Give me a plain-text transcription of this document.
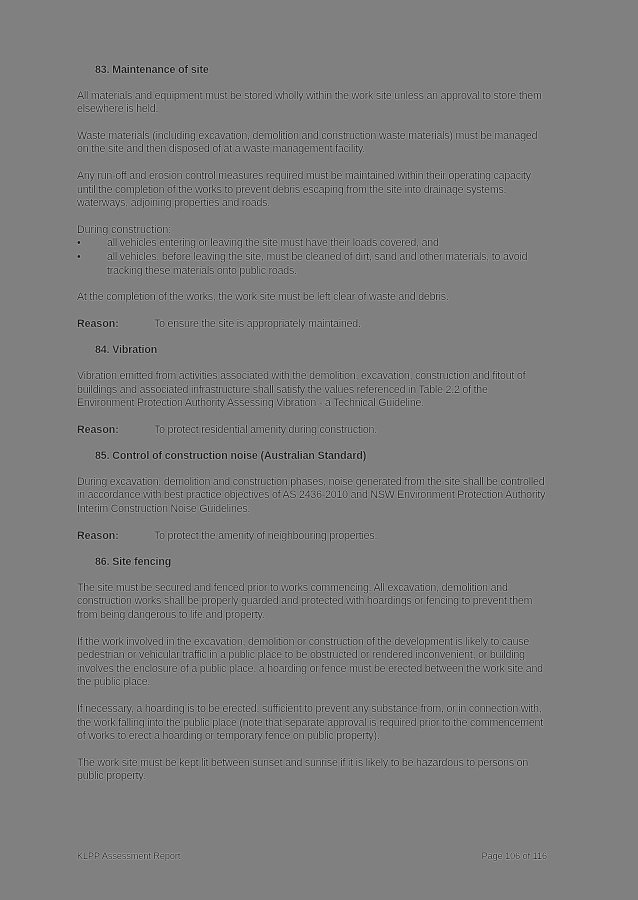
83. Maintenance of site

All materials and equipment must be stored wholly within the work site unless an approval to store them elsewhere is held.

Waste materials (including excavation, demolition and construction waste materials) must be managed on the site and then disposed of at a waste management facility.

Any run-off and erosion control measures required must be maintained within their operating capacity until the completion of the works to prevent debris escaping from the site into drainage systems, waterways, adjoining properties and roads.

During construction:
• all vehicles entering or leaving the site must have their loads covered, and
• all vehicles, before leaving the site, must be cleaned of dirt, sand and other materials, to avoid tracking these materials onto public roads.

At the completion of the works, the work site must be left clear of waste and debris.

Reason:	To ensure the site is appropriately maintained.
84. Vibration

Vibration emitted from activities associated with the demolition, excavation, construction and fitout of buildings and associated infrastructure shall satisfy the values referenced in Table 2.2 of the Environment Protection Authority Assessing Vibration - a Technical Guideline.

Reason:	To protect residential amenity during construction.
85. Control of construction noise (Australian Standard)

During excavation, demolition and construction phases, noise generated from the site shall be controlled in accordance with best practice objectives of AS 2436-2010 and NSW Environment Protection Authority Interim Construction Noise Guidelines.

Reason:	To protect the amenity of neighbouring properties.
86. Site fencing

The site must be secured and fenced prior to works commencing. All excavation, demolition and construction works shall be properly guarded and protected with hoardings or fencing to prevent them from being dangerous to life and property.

If the work involved in the excavation, demolition or construction of the development is likely to cause pedestrian or vehicular traffic in a public place to be obstructed or rendered inconvenient, or building involves the enclosure of a public place, a hoarding or fence must be erected between the work site and the public place.

If necessary, a hoarding is to be erected, sufficient to prevent any substance from, or in connection with, the work falling into the public place (note that separate approval is required prior to the commencement of works to erect a hoarding or temporary fence on public property).

The work site must be kept lit between sunset and sunrise if it is likely to be hazardous to persons on public property.

KLPP Assessment Report	Page 106 of 116
